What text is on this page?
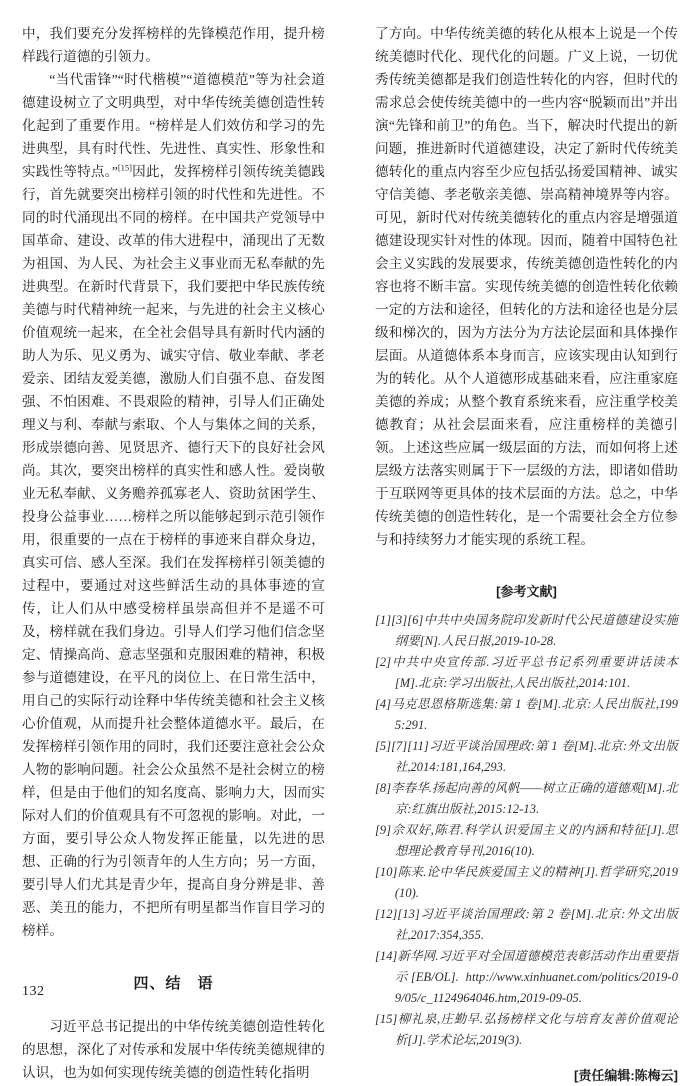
中，我们要充分发挥榜样的先锋模范作用，提升榜样践行道德的引领力。

“当代雷锋”“时代楷模”“道德模范”等为社会道德建设树立了文明典型，对中华传统美德创造性转化起到了重要作用。“榜样是人们效仿和学习的先进典型，具有时代性、先进性、真实性、形象性和实践性等特点。”[15]因此，发挥榜样引领传统美德践行，首先就要突出榜样引领的时代性和先进性。不同的时代涌现出不同的榜样。在中国共产党领导中国革命、建设、改革的伟大进程中，涌现出了无数为祖国、为人民、为社会主义事业而无私奉献的先进典型。在新时代背景下，我们要把中华民族传统美德与时代精神统一起来，与先进的社会主义核心价值观统一起来，在全社会倡导具有新时代内涵的助人为乐、见义勇为、诚实守信、敬业奉献、孝老爱亲、团结友爱美德，激励人们自强不息、奋发图强、不怕困难、不畏艰险的精神，引导人们正确处理义与利、奉献与索取、个人与集体之间的关系，形成崇德向善、见贤思齐、德行天下的良好社会风尚。其次，要突出榜样的真实性和感人性。爱岗敬业无私奉献、义务赡养孤寡老人、资助贫困学生、投身公益事业……榜样之所以能够起到示范引领作用，很重要的一点在于榜样的事迹来自群众身边，真实可信、感人至深。我们在发挥榜样引领美德的过程中，要通过对这些鲜活生动的具体事迹的宣传，让人们从中感受榜样虽崇高但并不是遥不可及，榜样就在我们身边。引导人们学习他们信念坚定、情操高尚、意志坚强和克服困难的精神，积极参与道德建设，在平凡的岗位上、在日常生活中，用自己的实际行动诠释中华传统美德和社会主义核心价值观，从而提升社会整体道德水平。最后，在发挥榜样引领作用的同时，我们还要注意社会公众人物的影响问题。社会公众虽然不是社会树立的榜样，但是由于他们的知名度高、影响力大，因而实际对人们的价值观具有不可忽视的影响。对此，一方面，要引导公众人物发挥正能量，以先进的思想、正确的行为引领青年的人生方向；另一方面，要引导人们尤其是青少年，提高自身分辨是非、善恶、美丑的能力，不把所有明星都当作盲目学习的榜样。

四、结　语

习近平总书记提出的中华传统美德创造性转化的思想，深化了对传承和发展中华传统美德规律的认识，也为如何实现传统美德的创造性转化指明

了方向。中华传统美德的转化从根本上说是一个传统美德时代化、现代化的问题。广义上说，一切优秀传统美德都是我们创造性转化的内容，但时代的需求总会使传统美德中的一些内容“脱颖而出”并出演“先锋和前卫”的角色。当下，解决时代提出的新问题，推进新时代道德建设，决定了新时代传统美德转化的重点内容至少应包括弘扬爱国精神、诚实守信美德、孝老敬亲美德、崇高精神境界等内容。可见，新时代对传统美德转化的重点内容是增强道德建设现实针对性的体现。因而，随着中国特色社会主义实践的发展要求，传统美德创造性转化的内容也将不断丰富。实现传统美德的创造性转化依赖一定的方法和途径，但转化的方法和途径也是分层级和梯次的，因为方法分为方法论层面和具体操作层面。从道德体系本身而言，应该实现由认知到行为的转化。从个人道德形成基础来看，应注重家庭美德的养成；从整个教育系统来看，应注重学校美德教育；从社会层面来看，应注重榜样的美德引领。上述这些应属一级层面的方法，而如何将上述层级方法落实则属于下一层级的方法，即诸如借助于互联网等更具体的技术层面的方法。总之，中华传统美德的创造性转化，是一个需要社会全方位参与和持续努力才能实现的系统工程。

[参考文献]

[1][3][6]中共中央国务院印发新时代公民道德建设实施纲要[N].人民日报,2019-10-28.

[2]中共中央宣传部.习近平总书记系列重要讲话读本[M].北京:学习出版社,人民出版社,2014:101.

[4]马克思恩格斯选集:第 1 卷[M].北京:人民出版社,1995:291.

[5][7][11]习近平谈治国理政:第 1 卷[M].北京:外文出版社,2014:181,164,293.

[8]李春华.扬起向善的风帆——树立正确的道德观[M].北京:红旗出版社,2015:12-13.

[9]佘双好,陈君.科学认识爱国主义的内涵和特征[J].思想理论教育导刊,2016(10).

[10]陈来.论中华民族爱国主义的精神[J].哲学研究,2019(10).

[12][13]习近平谈治国理政:第 2 卷[M].北京:外文出版社,2017:354,355.

[14]新华网.习近平对全国道德模范表彰活动作出重要指示[EB/OL]. http://www.xinhuanet.com/politics/2019-09/05/c_1124964046.htm,2019-09-05.

[15]柳礼泉,庄勤早.弘扬榜样文化与培育友善价值观论析[J].学术论坛,2019(3).

[责任编辑:陈梅云]
132
